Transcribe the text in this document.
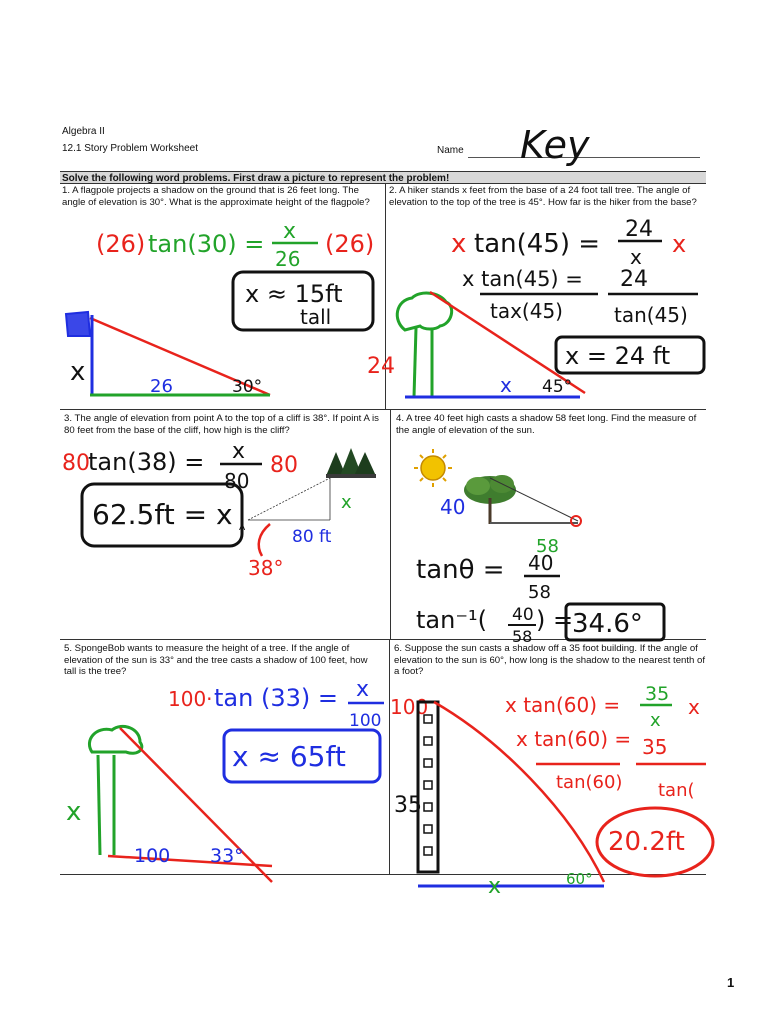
Algebra II
12.1 Story Problem Worksheet	Name
Solve the following word problems. First draw a picture to represent the problem!
1. A flagpole projects a shadow on the ground that is 26 feet long. The angle of elevation is 30°. What is the approximate height of the flagpole?
2. A hiker stands x feet from the base of a 24 foot tall tree. The angle of elevation to the top of the tree is 45°. How far is the hiker from the base?
3. The angle of elevation from point A to the top of a cliff is 38°. If point A is 80 feet from the base of the cliff, how high is the cliff?
4. A tree 40 feet high casts a shadow 58 feet long. Find the measure of the angle of elevation of the sun.
5. SpongeBob wants to measure the height of a tree. If the angle of elevation of the sun is 33° and the tree casts a shadow of 100 feet, how tall is the tree?
6. Suppose the sun casts a shadow off a 35 foot building. If the angle of elevation to the sun is 60°, how long is the shadow to the nearest tenth of a foot?
1
Key
(26) tan(30) = x
26
(26)
x ≈ 15ft
tall
x	26	30°
x tan(45) = 24
x x
x tan(45) = 24
tax(45)	tan(45)
x = 24 ft
24
x 45°
80
tan(38) = x
80
80
62.5ft = x A
x
80 ft
38°
40
58
tanθ = 40
58
tan⁻¹( 40
58
) =
34.6°
100· tan (33) = x
100
100
x ≈ 65ft
x
100 33°
x tan(60) = 35
x
x
x tan(60) = 35
tan(60) tan(
20.2ft
35
x	60°
